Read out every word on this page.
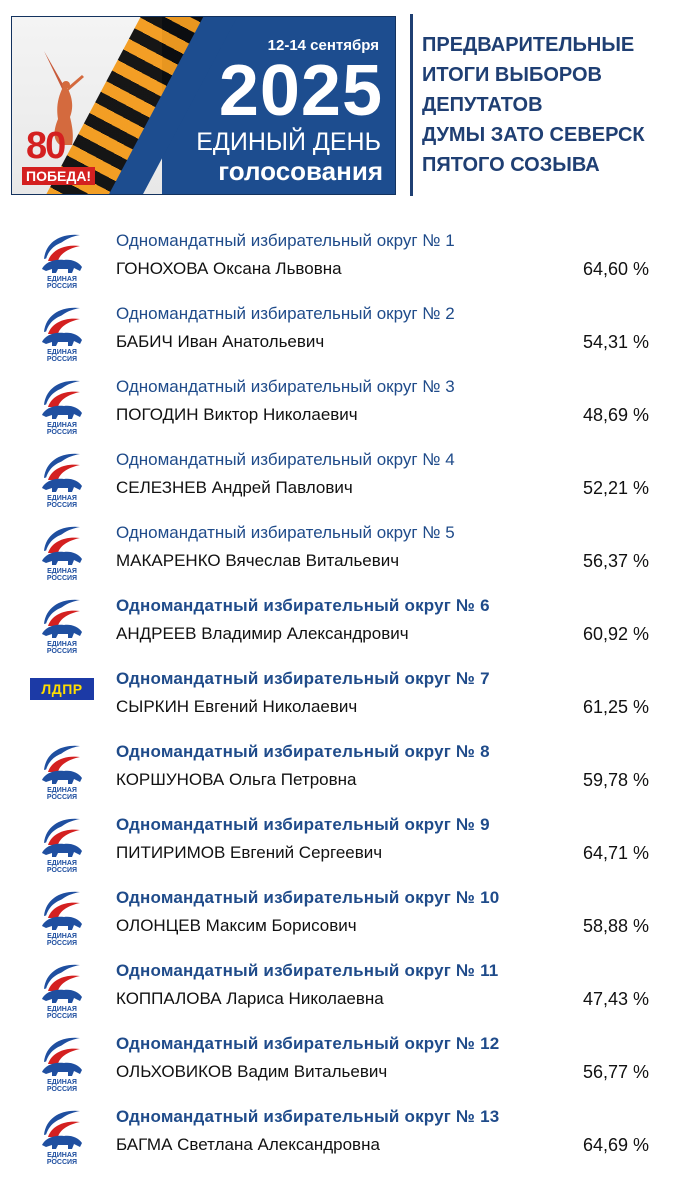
80
ПОБЕДА!
12-14 сентября
2025
ЕДИНЫЙ ДЕНЬ
голосования
ПРЕДВАРИТЕЛЬНЫЕ
ИТОГИ ВЫБОРОВ
ДЕПУТАТОВ
ДУМЫ ЗАТО СЕВЕРСК
ПЯТОГО СОЗЫВА
ЕДИНАЯ
РОССИЯ
Одномандатный избирательный округ № 1
ГОНОХОВА Оксана Львовна	64,60 %
ЕДИНАЯ
РОССИЯ
Одномандатный избирательный округ № 2
БАБИЧ Иван Анатольевич	54,31 %
ЕДИНАЯ
РОССИЯ
Одномандатный избирательный округ № 3
ПОГОДИН Виктор Николаевич	48,69 %
ЕДИНАЯ
РОССИЯ
Одномандатный избирательный округ № 4
СЕЛЕЗНЕВ Андрей Павлович	52,21 %
ЕДИНАЯ
РОССИЯ
Одномандатный избирательный округ № 5
МАКАРЕНКО Вячеслав Витальевич	56,37 %
ЕДИНАЯ
РОССИЯ
Одномандатный избирательный округ № 6
АНДРЕЕВ Владимир Александрович	60,92 %
ЛДПР
Одномандатный избирательный округ № 7
СЫРКИН Евгений Николаевич	61,25 %
ЕДИНАЯ
РОССИЯ
Одномандатный избирательный округ № 8
КОРШУНОВА Ольга Петровна	59,78 %
ЕДИНАЯ
РОССИЯ
Одномандатный избирательный округ № 9
ПИТИРИМОВ Евгений Сергеевич	64,71 %
ЕДИНАЯ
РОССИЯ
Одномандатный избирательный округ № 10
ОЛОНЦЕВ Максим Борисович	58,88 %
ЕДИНАЯ
РОССИЯ
Одномандатный избирательный округ № 11
КОППАЛОВА Лариса Николаевна	47,43 %
ЕДИНАЯ
РОССИЯ
Одномандатный избирательный округ № 12
ОЛЬХОВИКОВ Вадим Витальевич	56,77 %
ЕДИНАЯ
РОССИЯ
Одномандатный избирательный округ № 13
БАГМА Светлана Александровна	64,69 %
